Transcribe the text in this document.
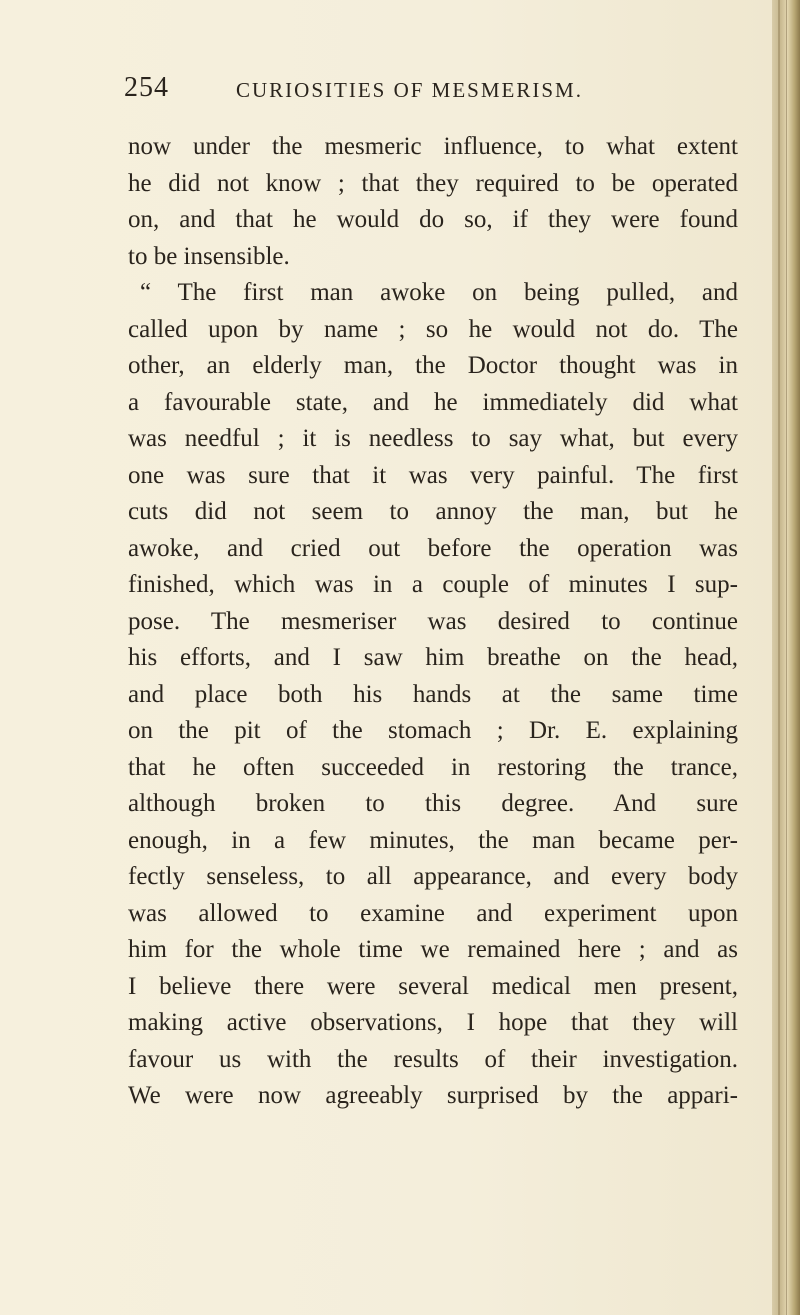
254	CURIOSITIES OF MESMERISM.
now under the mesmeric influence, to what extent
he did not know ; that they required to be operated
on, and that he would do so, if they were found
to be insensible.
“ The first man awoke on being pulled, and
called upon by name ; so he would not do. The
other, an elderly man, the Doctor thought was in
a favourable state, and he immediately did what
was needful ; it is needless to say what, but every
one was sure that it was very painful. The first
cuts did not seem to annoy the man, but he
awoke, and cried out before the operation was
finished, which was in a couple of minutes I sup-
pose. The mesmeriser was desired to continue
his efforts, and I saw him breathe on the head,
and place both his hands at the same time
on the pit of the stomach ; Dr. E. explaining
that he often succeeded in restoring the trance,
although broken to this degree. And sure
enough, in a few minutes, the man became per-
fectly senseless, to all appearance, and every body
was allowed to examine and experiment upon
him for the whole time we remained here ; and as
I believe there were several medical men present,
making active observations, I hope that they will
favour us with the results of their investigation.
We were now agreeably surprised by the appari-
